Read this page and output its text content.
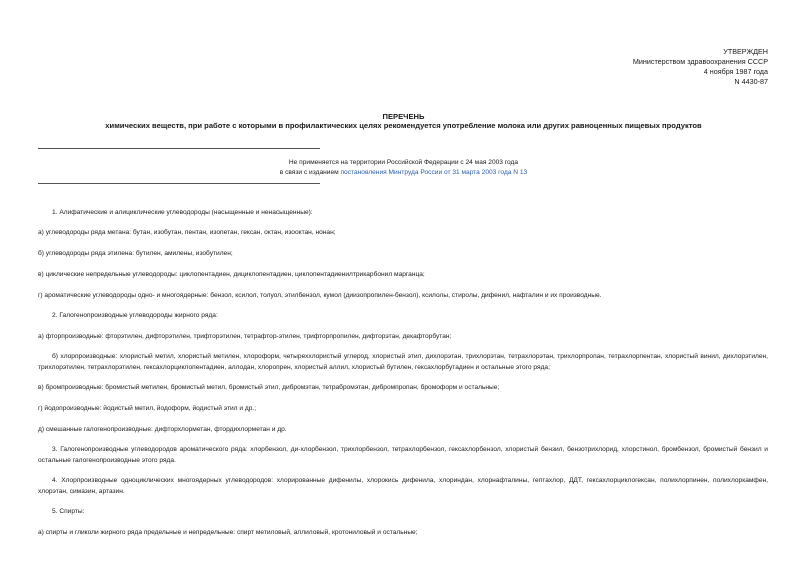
УТВЕРЖДЕН
Министерством здравоохранения СССР
4 ноября 1987 года
N 4430-87
ПЕРЕЧЕНЬ
химических веществ, при работе с которыми в профилактических целях рекомендуется употребление молока или других равноценных пищевых продуктов
Не применяется на территории Российской Федерации с 24 мая 2003 года
в связи с изданием постановления Минтруда России от 31 марта 2003 года N 13
1. Алифатические и алициклические углеводороды (насыщенные и ненасыщенные):
а) углеводороды ряда метана: бутан, изобутан, пентан, изопетан, гексан, октан, изооктан, нонан;
б) углеводороды ряда этилена: бутилен, амилены, изобутилен;
в) циклические непредельные углеводороды: циклопентадиен, дициклопентадиен, циклопентадиенилтрикарбонил марганца;
г) ароматические углеводороды одно- и многоядерные: бензол, ксилол, толуол, этилбензол, кумол (диизопропилен-бензол), ксилолы, стиролы, дифенил, нафталин и их производные.
2. Галогенопроизводные углеводороды жирного ряда:
а) фторпроизводные: фторэтилен, дифторэтилен, трифторэтилен, тетрафтор-этилен, трифторпропилен, дифторэтан, декафторбутан;
б) хлорпроизводные: хлористый метил, хлористый метилен, хлороформ, четыреххлористый углерод, хлористый этил, дихлорэтан, трихлорэтан, тетрахлорэтан, трихлорпропан, тетрахлорпентан, хлористый винил, дихлорэтилен, трихлорэтилен, тетрахлорэтилен, гексахлорциклопентадиен, аллодан, хлоропрен, хлористый аллил, хлористый бутилен, гексахлорбутадиен и остальные этого ряда;
в) бромпроизводные: бромистый метилен, бромистый метил, бромистый этил, дибромэтан, тетрабромэтан, дибромпропан, бромоформ и остальные;
г) йодопроизводные: йодистый метил, йодоформ, йодистый этил и др.;
д) смешанные галогенопроизводные: дифторхлорметан, фтордихлорметан и др.
3. Галогенопроизводные углеводородов ароматического ряда: хлорбензол, ди-хлорбензол, трихлорбензол, тетрахлорбензол, гексахлорбензол, хлористый бензил, бензотрихлорид, хлорстинол, бромбензол, бромистый бензил и остальные галогенопроизводные этого ряда.
4. Хлорпроизводные одноциклических многоядерных углеводородов: хлорированные дифенилы, хлорокись дифенила, хлориндан, хлорнафталины, гептахлор, ДДТ, гексахлорциклогексан, полихлорпинен, полихлоркамфен, хлорэтан, симазин, артазин.
5. Спирты:
а) спирты и гликоли жирного ряда предельные и непредельные: спирт метиловый, аллиловый, кротониловый и остальные;
